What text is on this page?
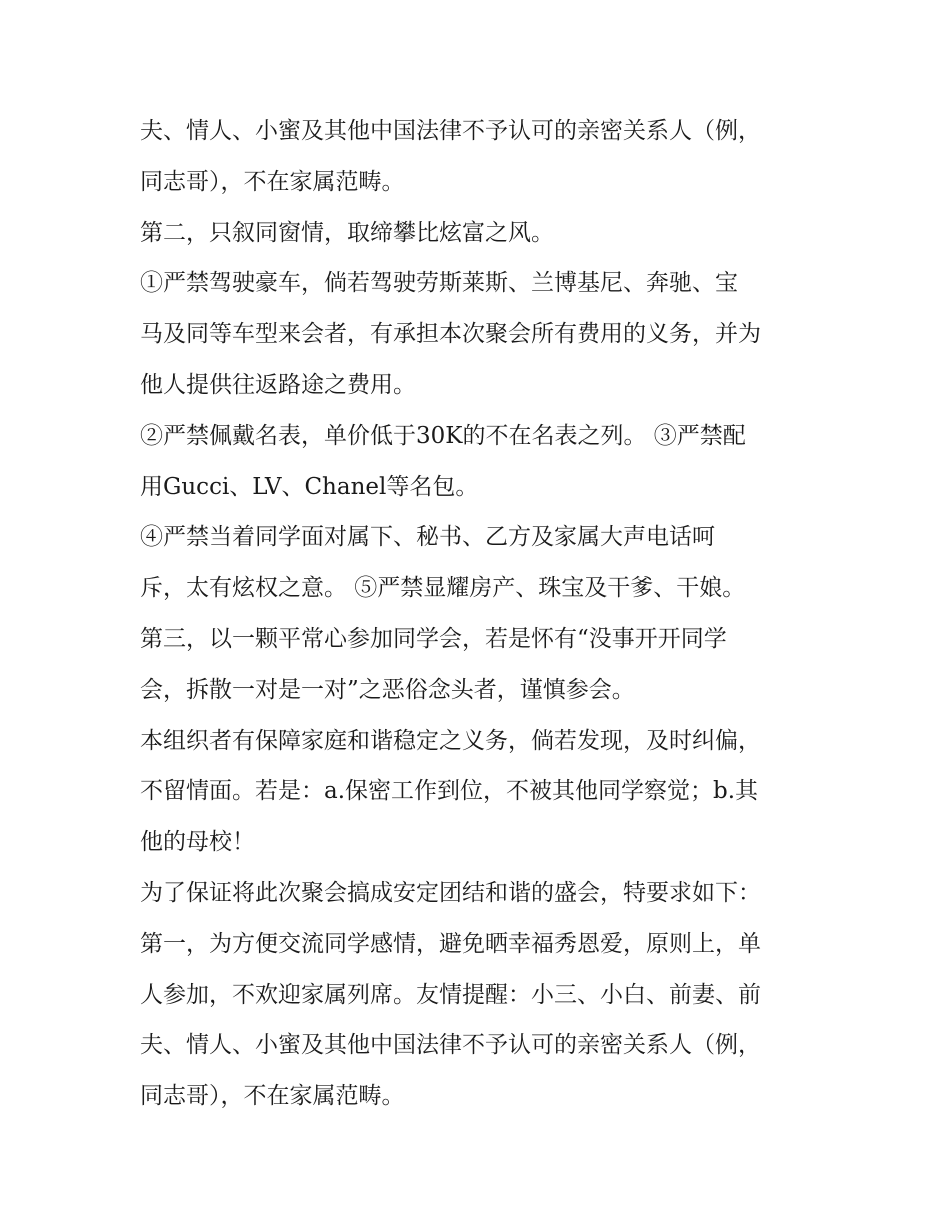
夫、情人、小蜜及其他中国法律不予认可的亲密关系人（例，
同志哥），不在家属范畴。
第二，只叙同窗情，取缔攀比炫富之风。
①严禁驾驶豪车，倘若驾驶劳斯莱斯、兰博基尼、奔驰、宝
马及同等车型来会者，有承担本次聚会所有费用的义务，并为
他人提供往返路途之费用。
②严禁佩戴名表，单价低于30K的不在名表之列。 ③严禁配
用Gucci、LV、Chanel等名包。
④严禁当着同学面对属下、秘书、乙方及家属大声电话呵
斥，太有炫权之意。 ⑤严禁显耀房产、珠宝及干爹、干娘。
第三，以一颗平常心参加同学会，若是怀有“没事开开同学
会，拆散一对是一对”之恶俗念头者，谨慎参会。
本组织者有保障家庭和谐稳定之义务，倘若发现，及时纠偏，
不留情面。若是：a.保密工作到位，不被其他同学察觉；b.其
他的母校！
为了保证将此次聚会搞成安定团结和谐的盛会，特要求如下：
第一，为方便交流同学感情，避免晒幸福秀恩爱，原则上，单
人参加，不欢迎家属列席。友情提醒：小三、小白、前妻、前
夫、情人、小蜜及其他中国法律不予认可的亲密关系人（例，
同志哥），不在家属范畴。
